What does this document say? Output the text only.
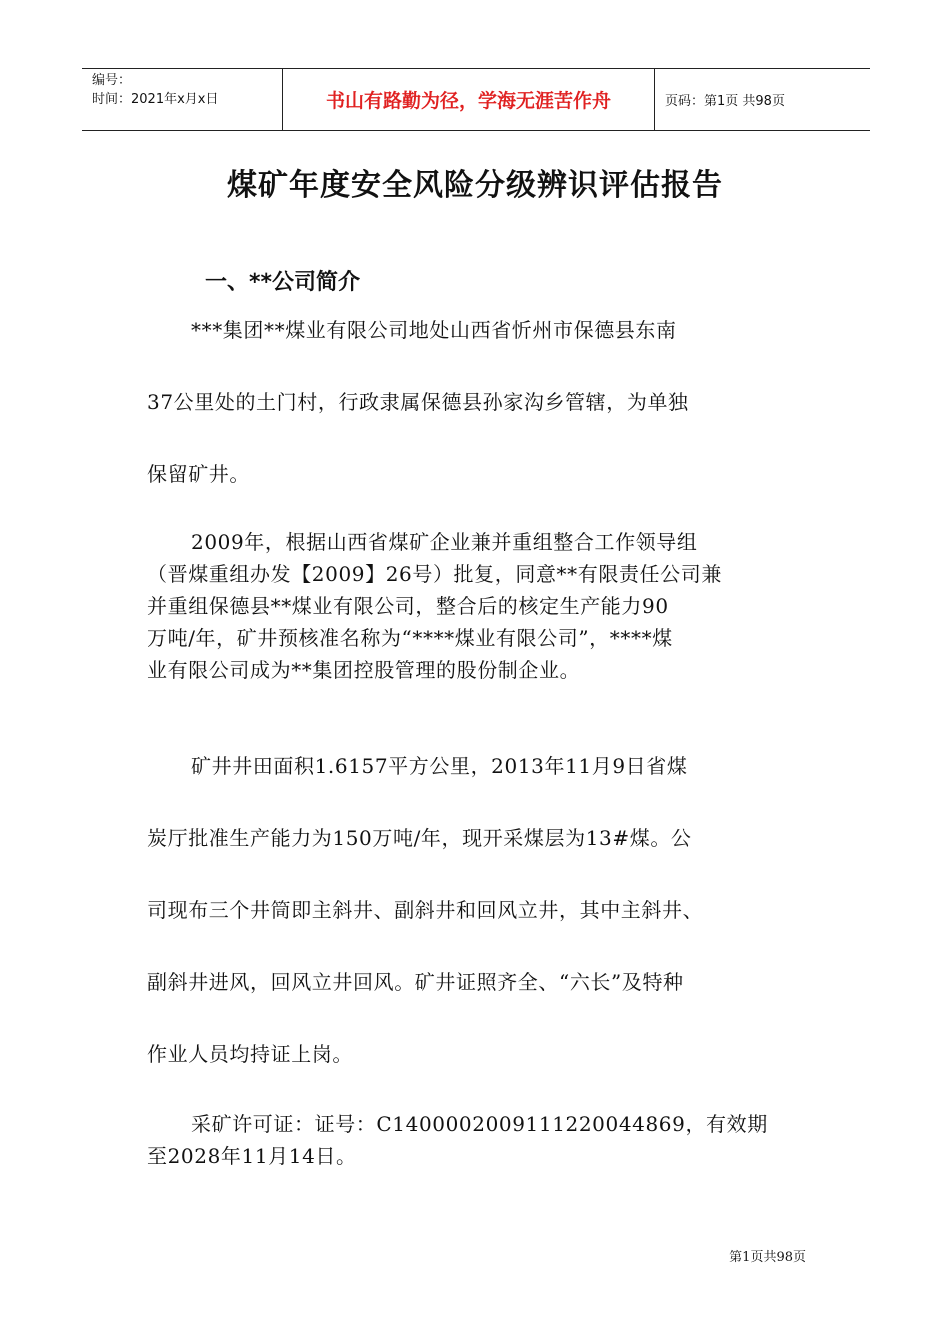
编号：
时间：2021年x月x日	书山有路勤为径，学海无涯苦作舟	页码：第1页 共98页
煤矿年度安全风险分级辨识评估报告
一、**公司简介
***集团**煤业有限公司地处山西省忻州市保德县东南
37公里处的土门村，行政隶属保德县孙家沟乡管辖，为单独
保留矿井。
2009年，根据山西省煤矿企业兼并重组整合工作领导组
（晋煤重组办发【2009】26号）批复，同意**有限责任公司兼
并重组保德县**煤业有限公司，整合后的核定生产能力90
万吨/年，矿井预核准名称为“****煤业有限公司”，****煤
业有限公司成为**集团控股管理的股份制企业。
矿井井田面积1.6157平方公里，2013年11月9日省煤
炭厅批准生产能力为150万吨/年，现开采煤层为13#煤。公
司现布三个井筒即主斜井、副斜井和回风立井，其中主斜井、
副斜井进风，回风立井回风。矿井证照齐全、“六长”及特种
作业人员均持证上岗。
采矿许可证：证号：C1400002009111220044869，有效期
至2028年11月14日。
第1页共98页
